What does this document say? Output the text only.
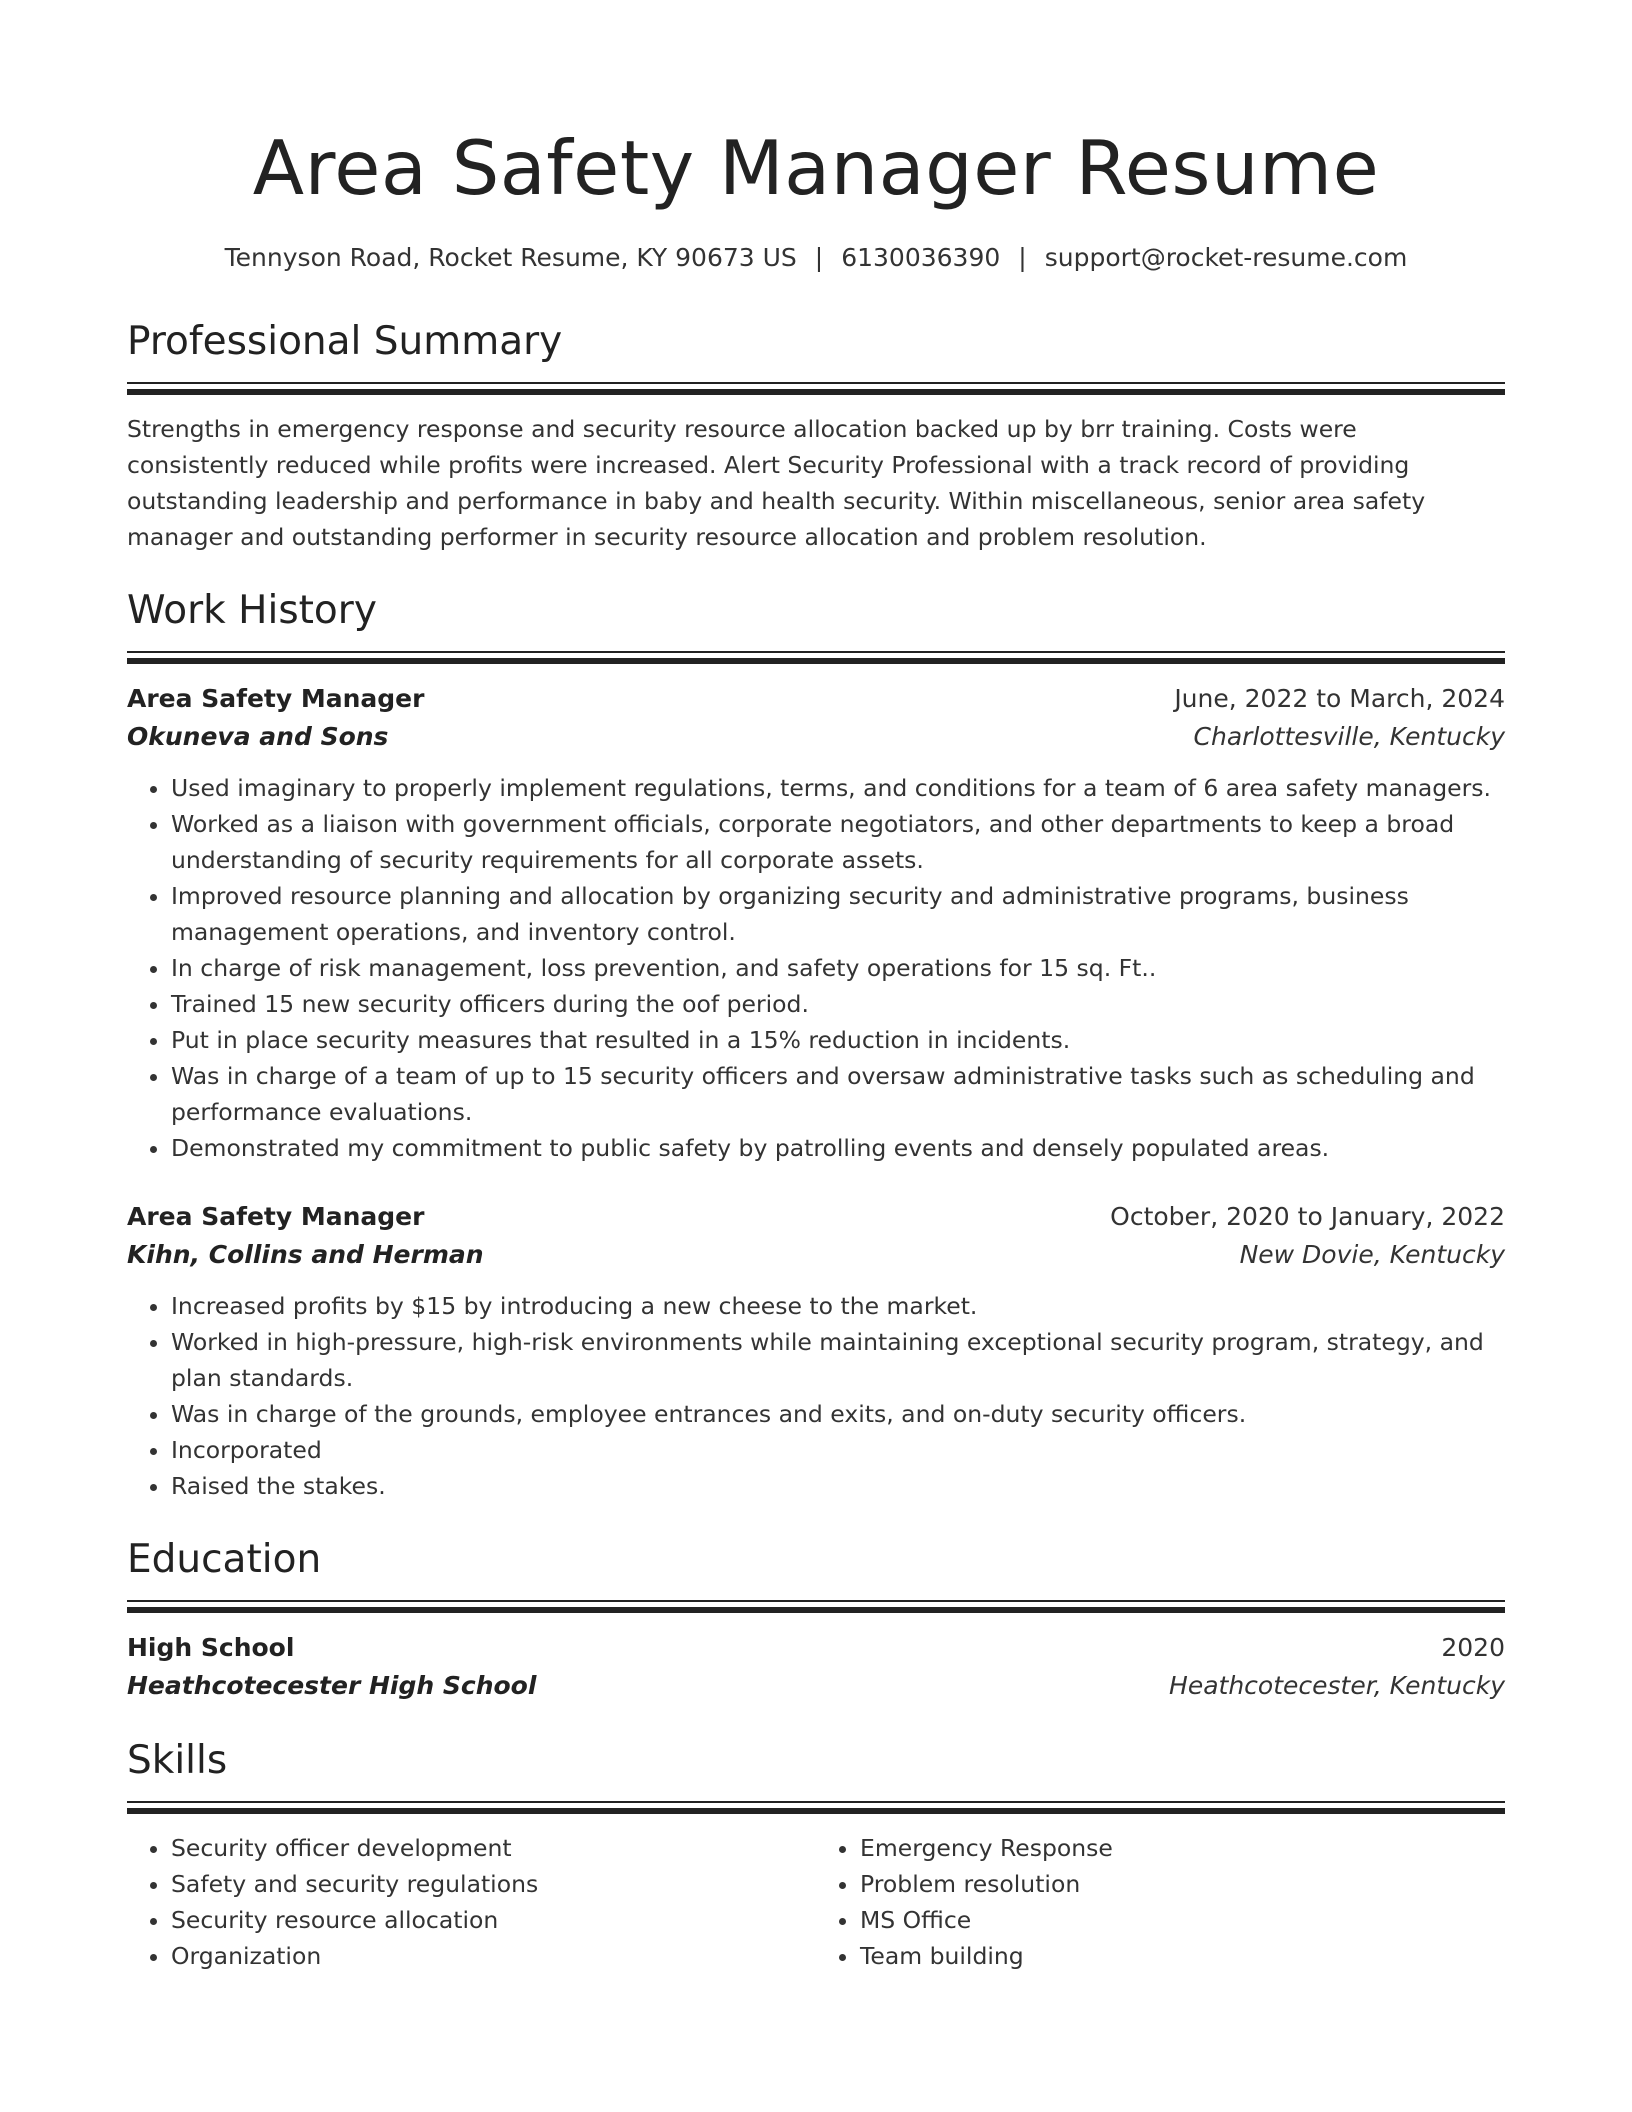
Area Safety Manager Resume
Tennyson Road, Rocket Resume, KY 90673 US | 6130036390 | support@rocket-resume.com
Professional Summary
Strengths in emergency response and security resource allocation backed up by brr training. Costs were consistently reduced while profits were increased. Alert Security Professional with a track record of providing outstanding leadership and performance in baby and health security. Within miscellaneous, senior area safety manager and outstanding performer in security resource allocation and problem resolution.
Work History
Area Safety Manager	June, 2022 to March, 2024
Okuneva and Sons	Charlottesville, Kentucky
• Used imaginary to properly implement regulations, terms, and conditions for a team of 6 area safety managers.
• Worked as a liaison with government officials, corporate negotiators, and other departments to keep a broad understanding of security requirements for all corporate assets.
• Improved resource planning and allocation by organizing security and administrative programs, business management operations, and inventory control.
• In charge of risk management, loss prevention, and safety operations for 15 sq. Ft..
• Trained 15 new security officers during the oof period.
• Put in place security measures that resulted in a 15% reduction in incidents.
• Was in charge of a team of up to 15 security officers and oversaw administrative tasks such as scheduling and performance evaluations.
• Demonstrated my commitment to public safety by patrolling events and densely populated areas.
Area Safety Manager	October, 2020 to January, 2022
Kihn, Collins and Herman	New Dovie, Kentucky
• Increased profits by $15 by introducing a new cheese to the market.
• Worked in high-pressure, high-risk environments while maintaining exceptional security program, strategy, and plan standards.
• Was in charge of the grounds, employee entrances and exits, and on-duty security officers.
• Incorporated
• Raised the stakes.
Education
High School	2020
Heathcotecester High School	Heathcotecester, Kentucky
Skills
• Security officer development
• Safety and security regulations
• Security resource allocation
• Organization
• Emergency Response
• Problem resolution
• MS Office
• Team building
